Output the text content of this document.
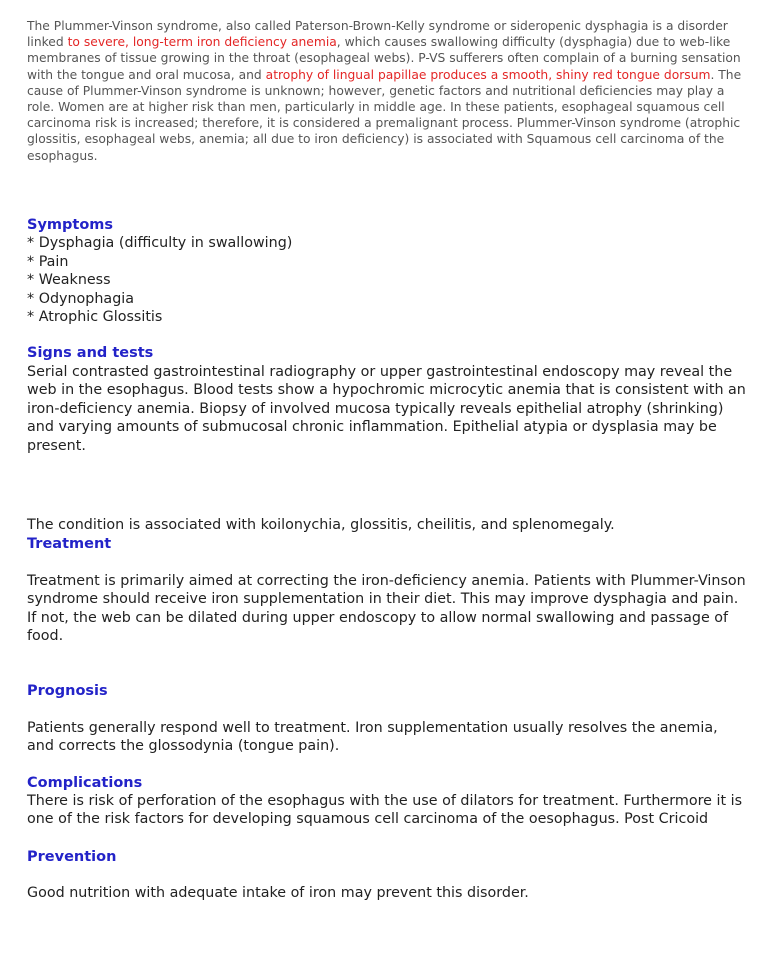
The Plummer-Vinson syndrome, also called Paterson-Brown-Kelly syndrome or sideropenic dysphagia is a disorder linked to severe, long-term iron deficiency anemia, which causes swallowing difficulty (dysphagia) due to web-like membranes of tissue growing in the throat (esophageal webs). P-VS sufferers often complain of a burning sensation with the tongue and oral mucosa, and atrophy of lingual papillae produces a smooth, shiny red tongue dorsum. The cause of Plummer-Vinson syndrome is unknown; however, genetic factors and nutritional deficiencies may play a role. Women are at higher risk than men, particularly in middle age. In these patients, esophageal squamous cell carcinoma risk is increased; therefore, it is considered a premalignant process. Plummer-Vinson syndrome (atrophic glossitis, esophageal webs, anemia; all due to iron deficiency) is associated with Squamous cell carcinoma of the esophagus.

Symptoms
* Dysphagia (difficulty in swallowing)
* Pain
* Weakness
* Odynophagia
* Atrophic Glossitis
Signs and tests

Serial contrasted gastrointestinal radiography or upper gastrointestinal endoscopy may reveal the web in the esophagus. Blood tests show a hypochromic microcytic anemia that is consistent with an iron-deficiency anemia. Biopsy of involved mucosa typically reveals epithelial atrophy (shrinking) and varying amounts of submucosal chronic inflammation. Epithelial atypia or dysplasia may be present.

The condition is associated with koilonychia, glossitis, cheilitis, and splenomegaly.

Treatment

Treatment is primarily aimed at correcting the iron-deficiency anemia. Patients with Plummer-Vinson syndrome should receive iron supplementation in their diet. This may improve dysphagia and pain. If not, the web can be dilated during upper endoscopy to allow normal swallowing and passage of food.

Prognosis

Patients generally respond well to treatment. Iron supplementation usually resolves the anemia, and corrects the glossodynia (tongue pain).

Complications

There is risk of perforation of the esophagus with the use of dilators for treatment. Furthermore it is one of the risk factors for developing squamous cell carcinoma of the oesophagus. Post Cricoid

Prevention

Good nutrition with adequate intake of iron may prevent this disorder.
